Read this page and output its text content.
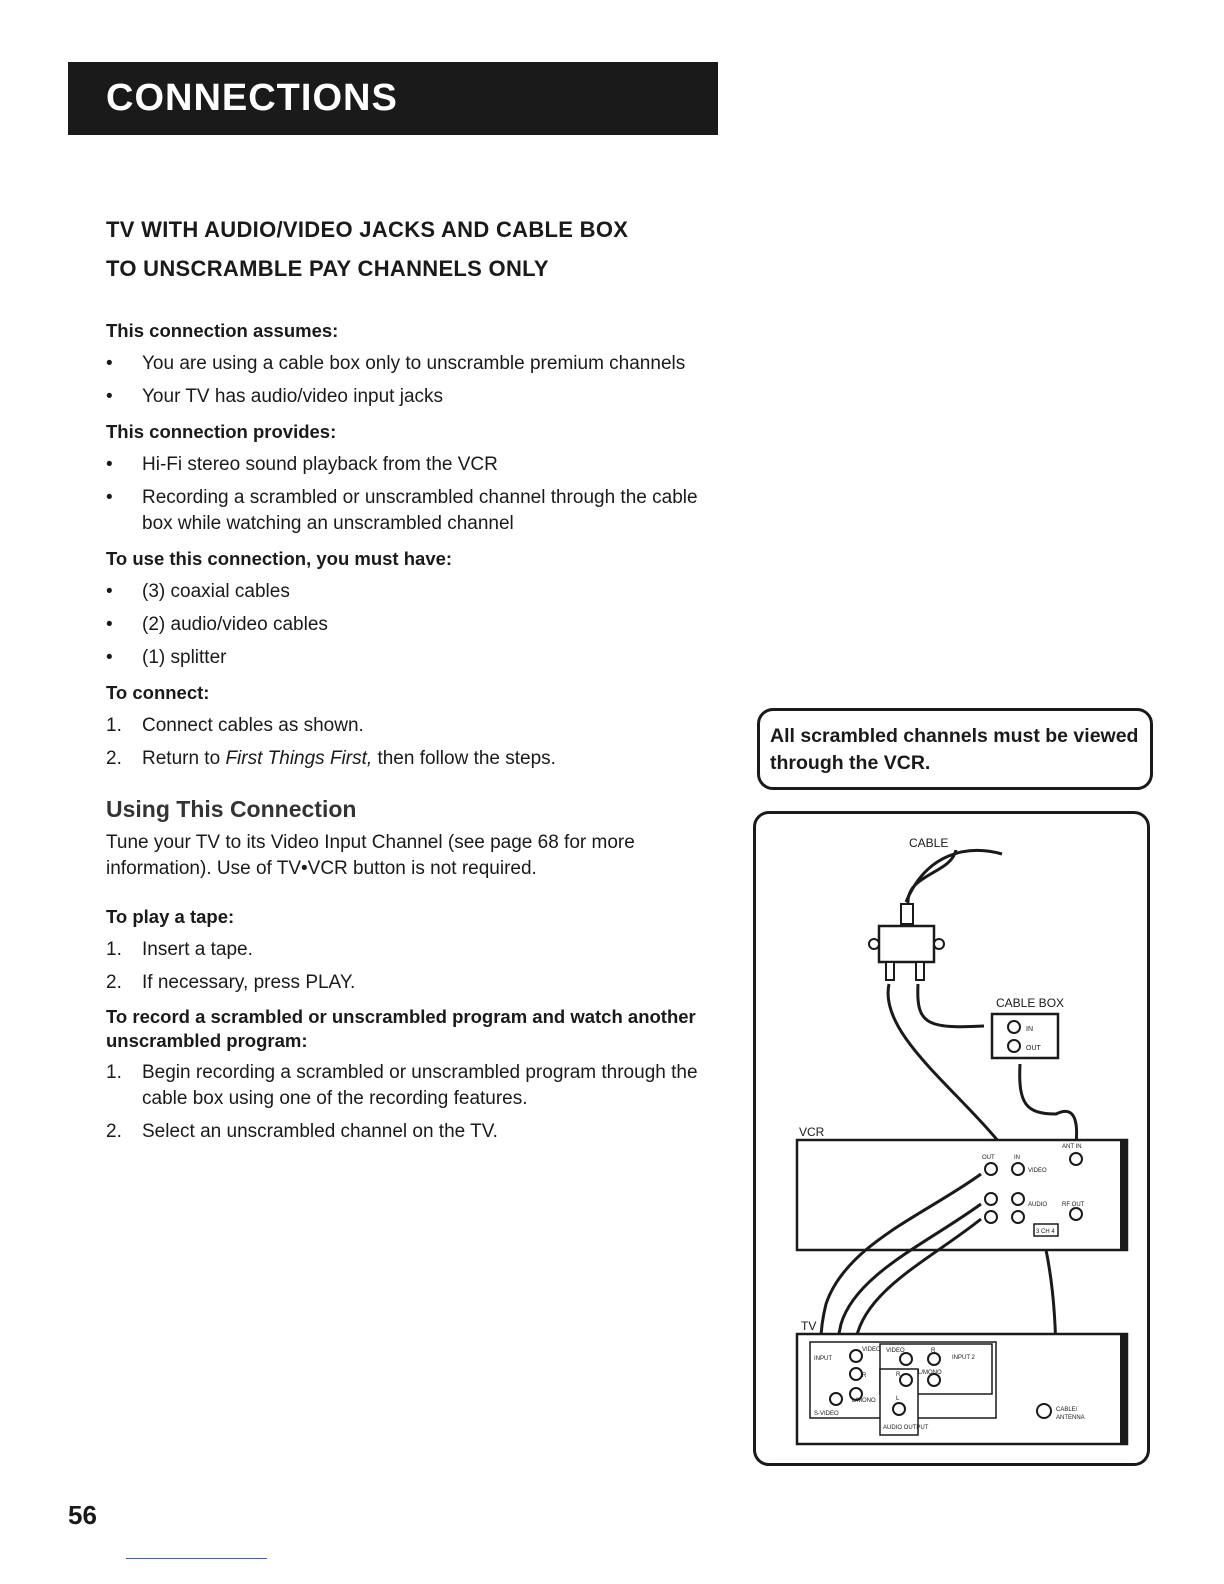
CONNECTIONS
TV WITH AUDIO/VIDEO JACKS AND CABLE BOX
TO UNSCRAMBLE PAY CHANNELS ONLY
This connection assumes:
• You are using a cable box only to unscramble premium channels
• Your TV has audio/video input jacks
This connection provides:
• Hi-Fi stereo sound playback from the VCR
• Recording a scrambled or unscrambled channel through the cable box while watching an unscrambled channel
To use this connection, you must have:
• (3) coaxial cables
• (2) audio/video cables
• (1) splitter
To connect:
1. Connect cables as shown.
2. Return to First Things First, then follow the steps.
Using This Connection
Tune your TV to its Video Input Channel (see page 68 for more information). Use of TV•VCR button is not required.
To play a tape:
1. Insert a tape.
2. If necessary, press PLAY.
To record a scrambled or unscrambled program and watch another unscrambled program:
1. Begin recording a scrambled or unscrambled program through the cable box using one of the recording features.
2. Select an unscrambled channel on the TV.
All scrambled channels must be viewed through the VCR.
IN
OUT
CABLE
CABLE BOX
VCR
OUT	IN
VIDEO
AUDIO
ANT IN
RF OUT
3 CH 4
TV
INPUT
VIDEO
R
L/MONO
S-VIDEO
VIDEO	R
INPUT 2
L/MONO
R
L
AUDIO OUTPUT
CABLE/
ANTENNA
56
